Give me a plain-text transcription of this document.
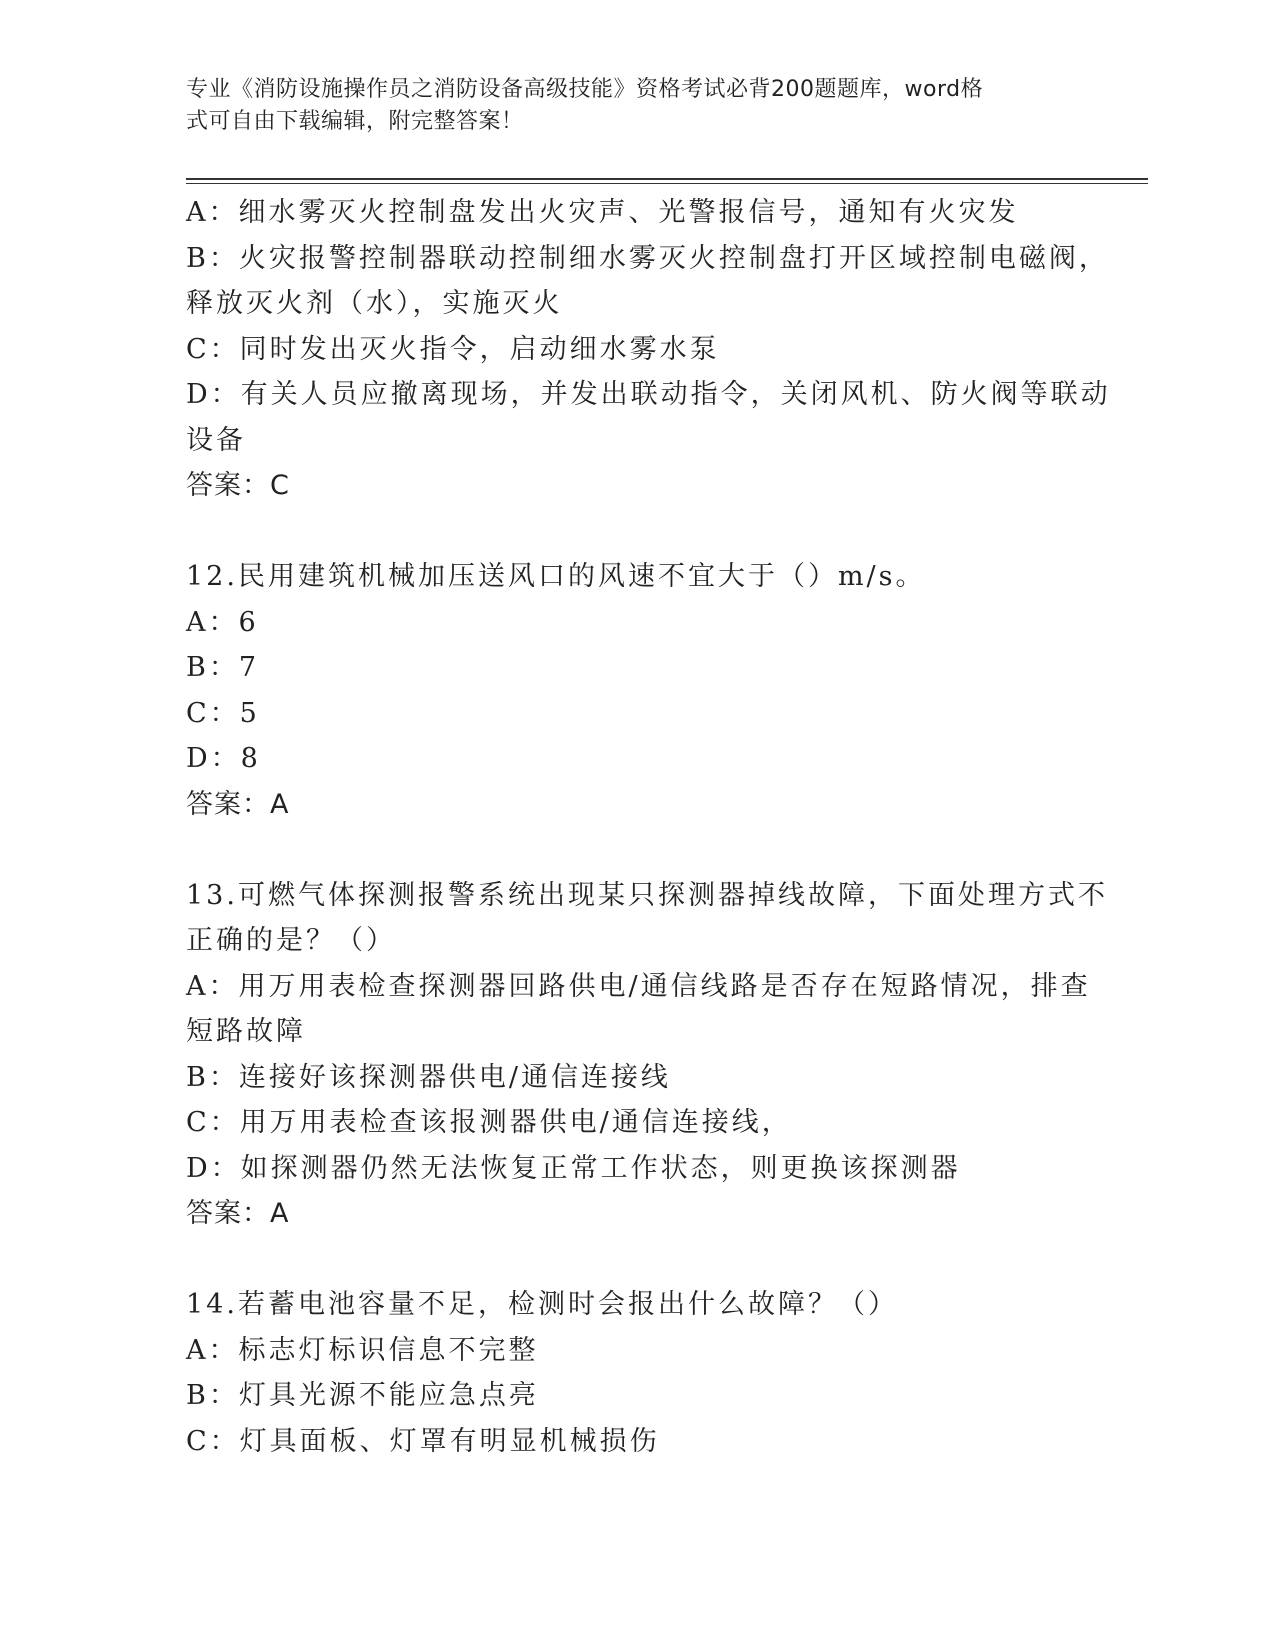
专业《消防设施操作员之消防设备高级技能》资格考试必背200题题库，word格
式可自由下载编辑，附完整答案！
A：细水雾灭火控制盘发出火灾声、光警报信号，通知有火灾发
B：火灾报警控制器联动控制细水雾灭火控制盘打开区域控制电磁阀，
释放灭火剂（水），实施灭火
C：同时发出灭火指令，启动细水雾水泵
D：有关人员应撤离现场，并发出联动指令，关闭风机、防火阀等联动
设备
答案：C
12.民用建筑机械加压送风口的风速不宜大于（）m/s。
A：6
B：7
C：5
D：8
答案：A
13.可燃气体探测报警系统出现某只探测器掉线故障，下面处理方式不
正确的是？（）
A：用万用表检查探测器回路供电/通信线路是否存在短路情况，排查
短路故障
B：连接好该探测器供电/通信连接线
C：用万用表检查该报测器供电/通信连接线，
D：如探测器仍然无法恢复正常工作状态，则更换该探测器
答案：A
14.若蓄电池容量不足，检测时会报出什么故障？（）
A：标志灯标识信息不完整
B：灯具光源不能应急点亮
C：灯具面板、灯罩有明显机械损伤
